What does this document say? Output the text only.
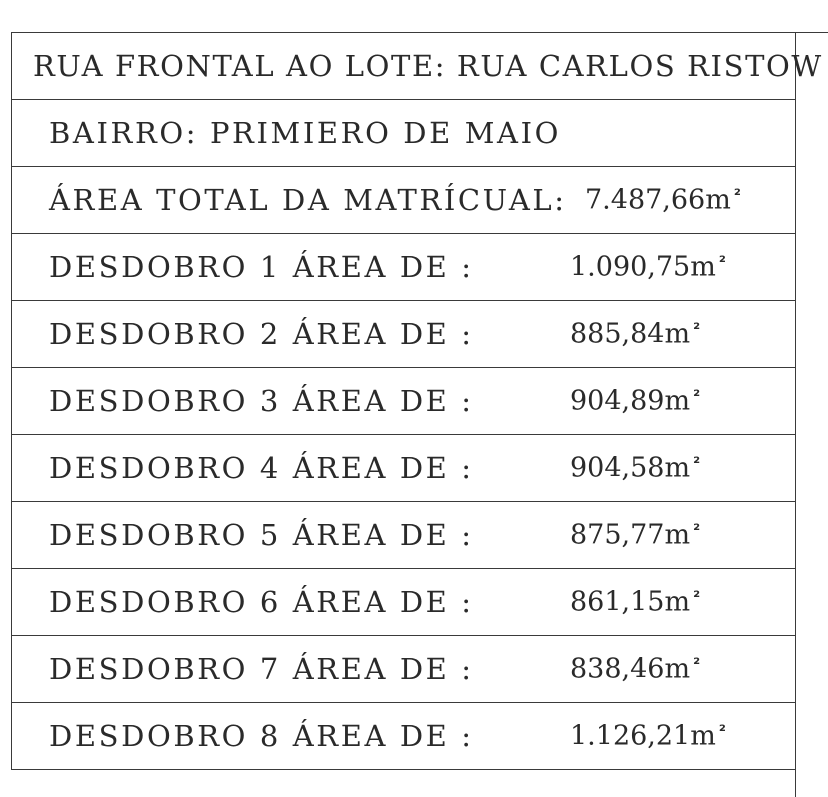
RUA FRONTAL AO LOTE: RUA CARLOS RISTOW
BAIRRO: PRIMIERO DE MAIO
ÁREA TOTAL DA MATRÍCUAL: 7.487,66m $^{^2}$
DESDOBRO 1 ÁREA DE :	1.090,75m $^{^2}$
DESDOBRO 2 ÁREA DE :	885,84m $^{^2}$
DESDOBRO 3 ÁREA DE :	904,89m $^{^2}$
DESDOBRO 4 ÁREA DE :	904,58m $^{^2}$
DESDOBRO 5 ÁREA DE :	875,77m $^{^2}$
DESDOBRO 6 ÁREA DE :	861,15m $^{^2}$
DESDOBRO 7 ÁREA DE :	838,46m $^{^2}$
DESDOBRO 8 ÁREA DE :	1.126,21m $^{^2}$
